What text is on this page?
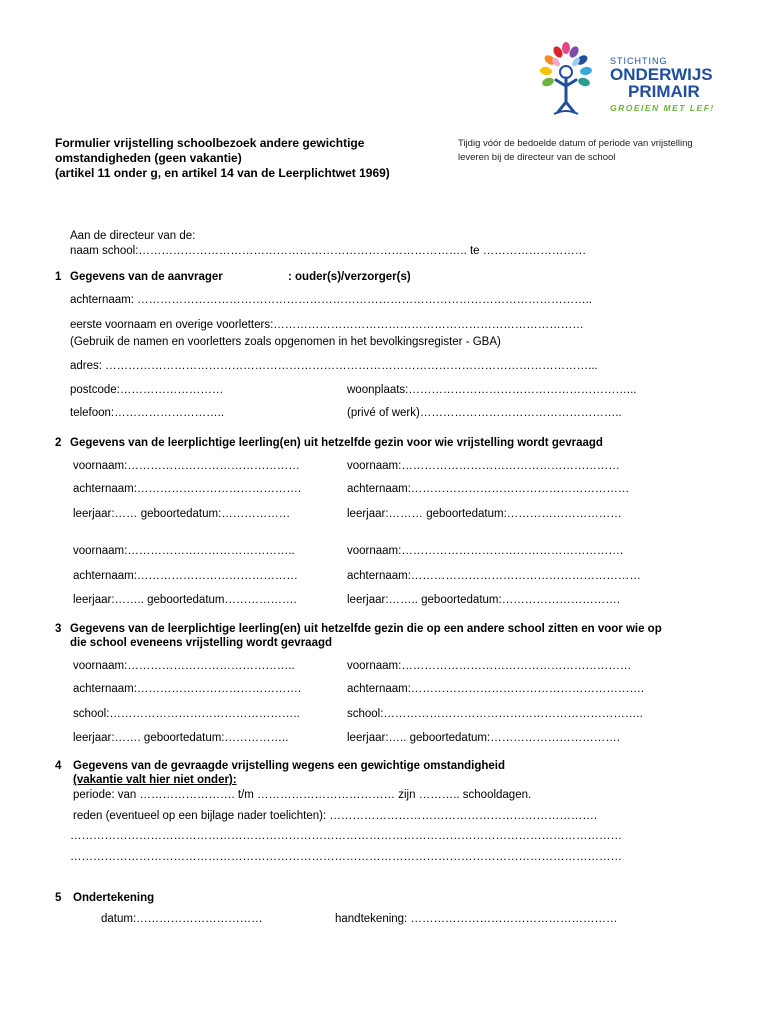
STICHTING
ONDERWIJS
PRIMAIR
GROEIEN MET LEF!
Formulier vrijstelling schoolbezoek andere gewichtige
omstandigheden (geen vakantie)
(artikel 11 onder g, en artikel 14 van de Leerplichtwet 1969)
Tijdig vóór de bedoelde datum of periode van vrijstelling
leveren bij de directeur van de school
Aan de directeur van de:
naam school:………………………………………………………………………….. te ………………………
1 Gegevens van de aanvrager	: ouder(s)/verzorger(s)
achternaam: ………………………………………………………………………………………………………..
eerste voornaam en overige voorletters:………………………………………………………………………
(Gebruik de namen en voorletters zoals opgenomen in het bevolkingsregister - GBA)
adres: ………………………………………………………………………………………………………………...
postcode:………………………	woonplaats:…………………………………………………...
telefoon:………………………..	(privé of werk)……………………………………………..
2 Gegevens van de leerplichtige leerling(en) uit hetzelfde gezin voor wie vrijstelling wordt gevraagd
voornaam:………………………………………	voornaam:…………………………………………………
achternaam:…………………………………….	achternaam:…………………………………………………
leerjaar:…… geboortedatum:………………	leerjaar:……… geboortedatum:…………………………
voornaam:……………………………………..	voornaam:………………………………………………….
achternaam:……………………………………	achternaam:……………………………………………………
leerjaar:…….. geboortedatum……………….	leerjaar:…….. geboortedatum:………………………….
3 Gegevens van de leerplichtige leerling(en) uit hetzelfde gezin die op een andere school zitten en voor wie op
die school eveneens vrijstelling wordt gevraagd
voornaam:……………………………………..	voornaam:……………………………………………………
achternaam:…………………………………….	achternaam:…………………………………………………….
school:…………………………………………..	school:…………………………………………………………..
leerjaar:……. geboortedatum:……………..	leerjaar:….. geboortedatum:…………………………….
4 Gegevens van de gevraagde vrijstelling wegens een gewichtige omstandigheid
(vakantie valt hier niet onder):
periode: van ……………………. t/m ……………………………… zijn ……….. schooldagen.
reden (eventueel op een bijlage nader toelichten): …………………………………………………………….
………………………………………………………………………………………………………………………………
………………………………………………………………………………………………………………………………
5 Ondertekening
datum:……………………………	handtekening: ………………………………………………
